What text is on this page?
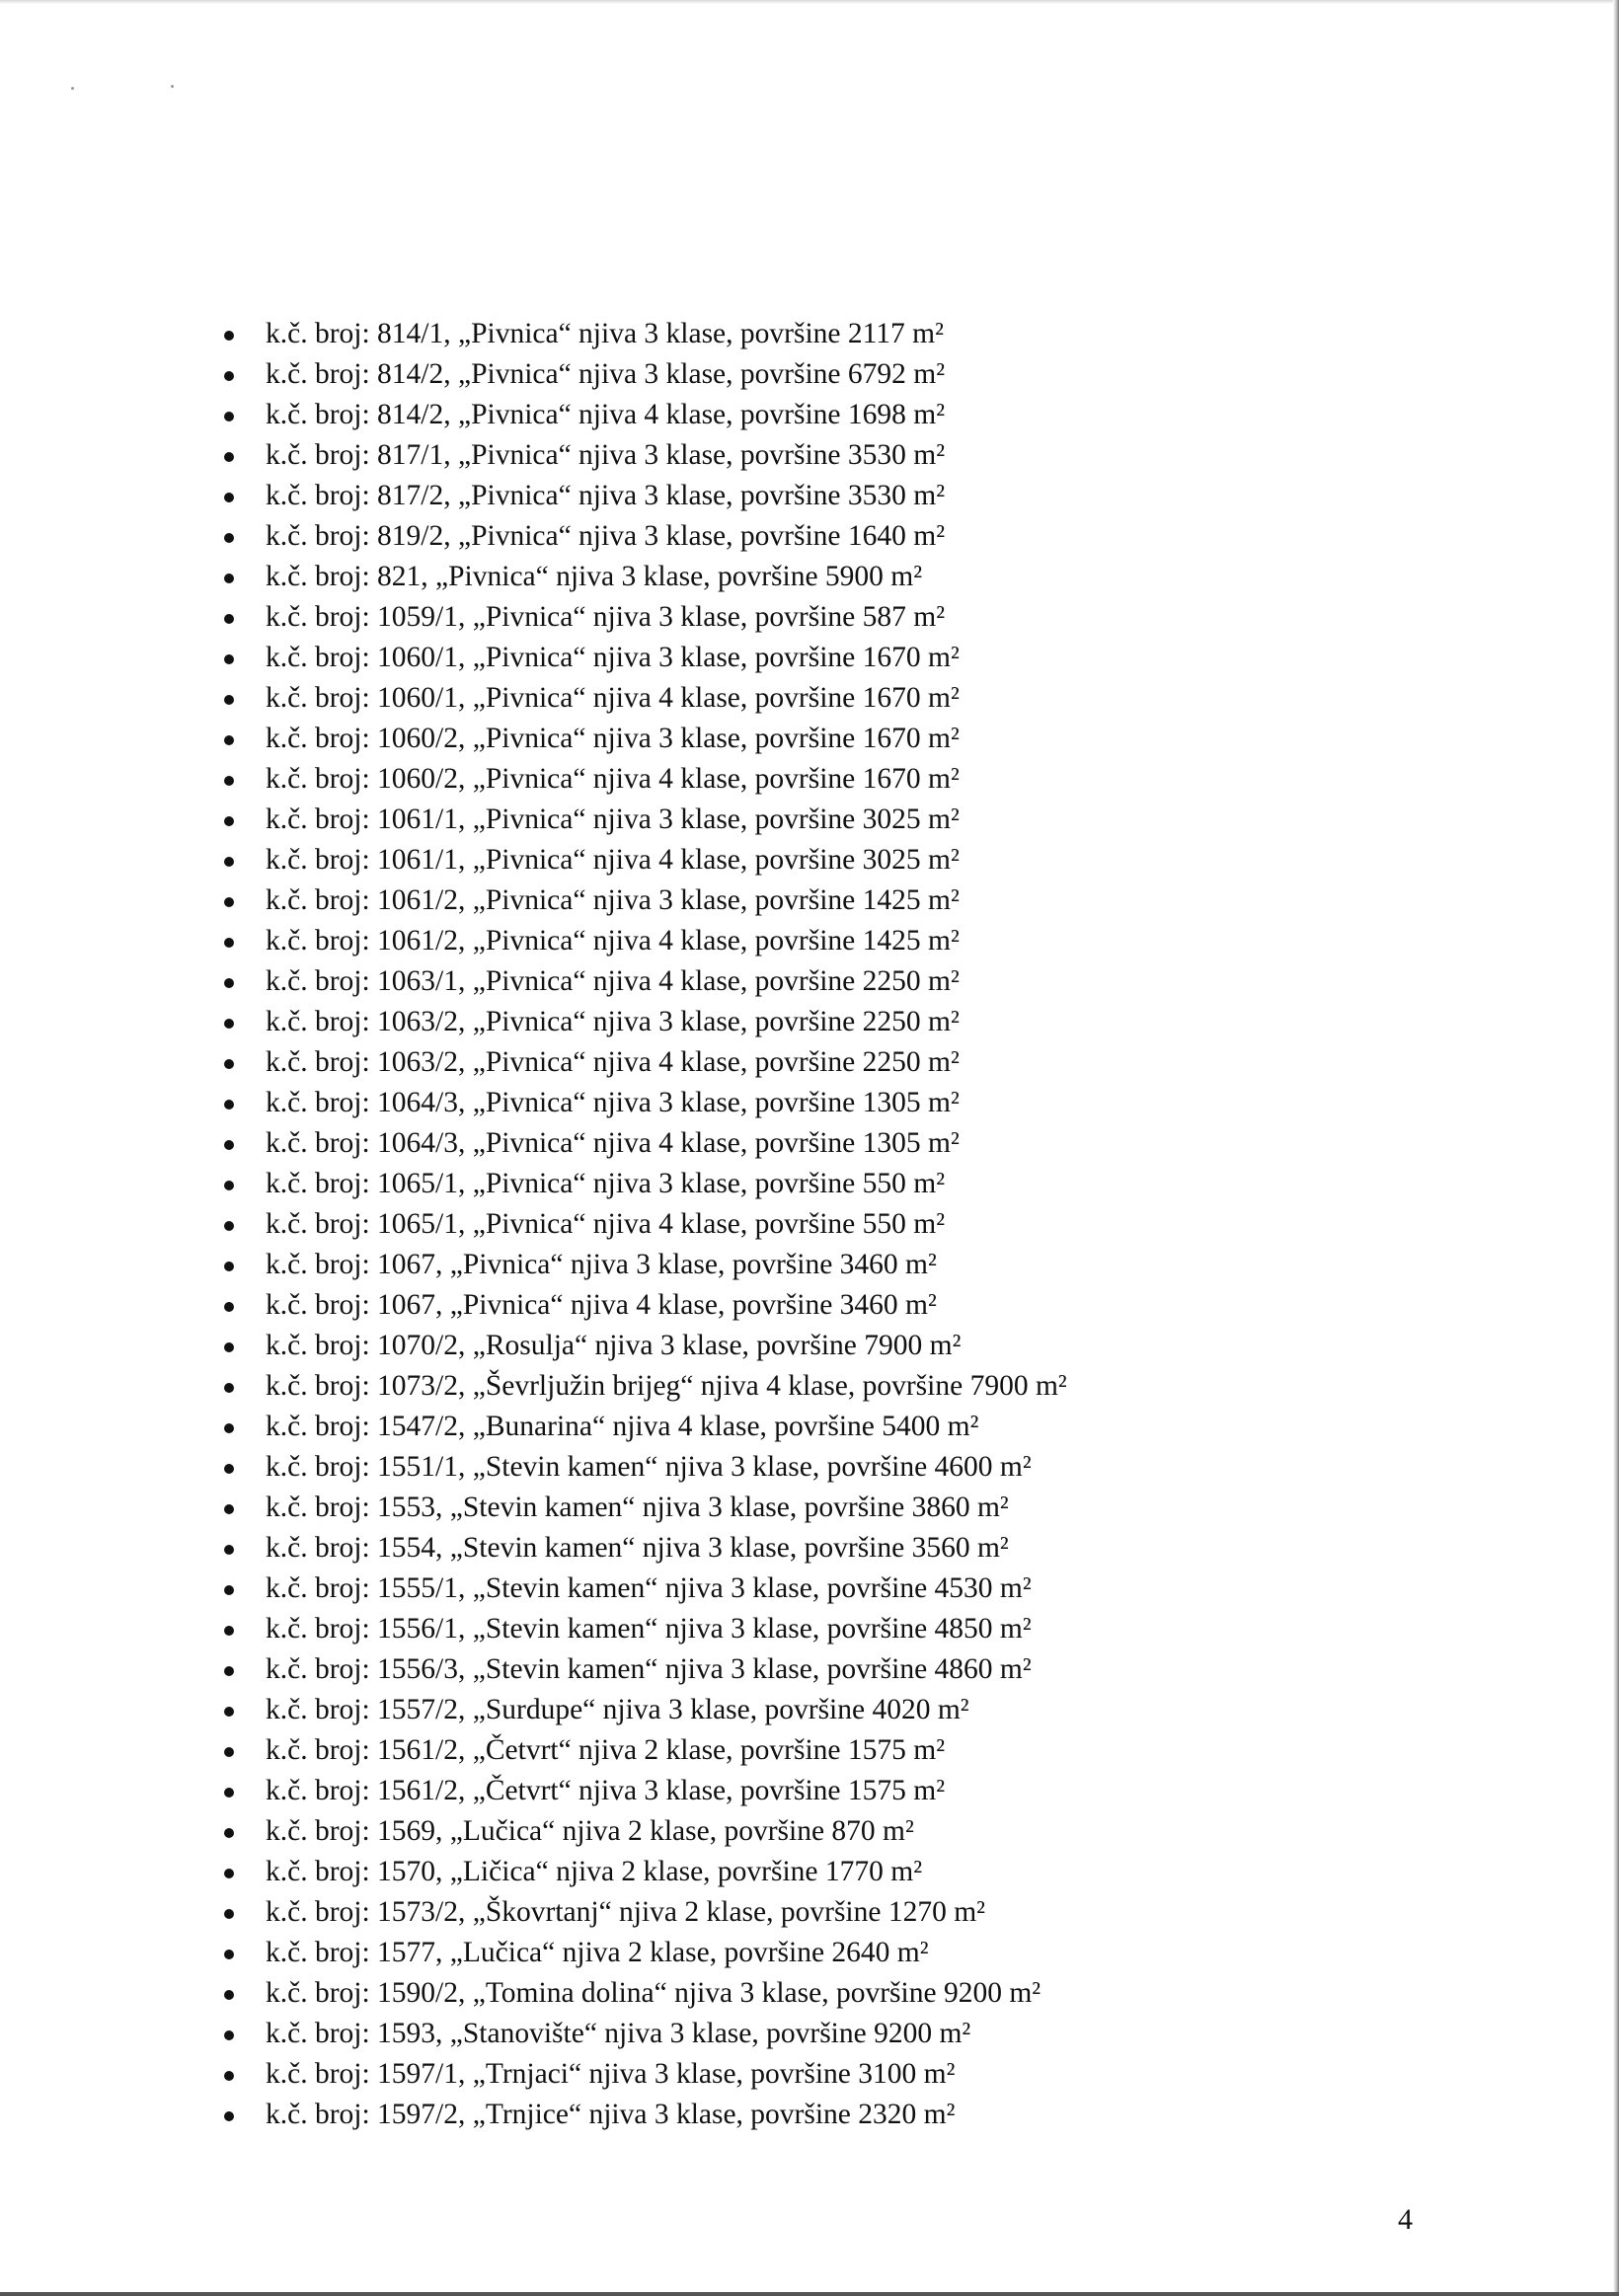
k.č. broj: 814/1, „Pivnica“ njiva 3 klase, površine 2117 m²
k.č. broj: 814/2, „Pivnica“ njiva 3 klase, površine 6792 m²
k.č. broj: 814/2, „Pivnica“ njiva 4 klase, površine 1698 m²
k.č. broj: 817/1, „Pivnica“ njiva 3 klase, površine 3530 m²
k.č. broj: 817/2, „Pivnica“ njiva 3 klase, površine 3530 m²
k.č. broj: 819/2, „Pivnica“ njiva 3 klase, površine 1640 m²
k.č. broj: 821, „Pivnica“ njiva 3 klase, površine 5900 m²
k.č. broj: 1059/1, „Pivnica“ njiva 3 klase, površine 587 m²
k.č. broj: 1060/1, „Pivnica“ njiva 3 klase, površine 1670 m²
k.č. broj: 1060/1, „Pivnica“ njiva 4 klase, površine 1670 m²
k.č. broj: 1060/2, „Pivnica“ njiva 3 klase, površine 1670 m²
k.č. broj: 1060/2, „Pivnica“ njiva 4 klase, površine 1670 m²
k.č. broj: 1061/1, „Pivnica“ njiva 3 klase, površine 3025 m²
k.č. broj: 1061/1, „Pivnica“ njiva 4 klase, površine 3025 m²
k.č. broj: 1061/2, „Pivnica“ njiva 3 klase, površine 1425 m²
k.č. broj: 1061/2, „Pivnica“ njiva 4 klase, površine 1425 m²
k.č. broj: 1063/1, „Pivnica“ njiva 4 klase, površine 2250 m²
k.č. broj: 1063/2, „Pivnica“ njiva 3 klase, površine 2250 m²
k.č. broj: 1063/2, „Pivnica“ njiva 4 klase, površine 2250 m²
k.č. broj: 1064/3, „Pivnica“ njiva 3 klase, površine 1305 m²
k.č. broj: 1064/3, „Pivnica“ njiva 4 klase, površine 1305 m²
k.č. broj: 1065/1, „Pivnica“ njiva 3 klase, površine 550 m²
k.č. broj: 1065/1, „Pivnica“ njiva 4 klase, površine 550 m²
k.č. broj: 1067, „Pivnica“ njiva 3 klase, površine 3460 m²
k.č. broj: 1067, „Pivnica“ njiva 4 klase, površine 3460 m²
k.č. broj: 1070/2, „Rosulja“ njiva 3 klase, površine 7900 m²
k.č. broj: 1073/2, „Ševrljužin brijeg“ njiva 4 klase, površine 7900 m²
k.č. broj: 1547/2, „Bunarina“ njiva 4 klase, površine 5400 m²
k.č. broj: 1551/1, „Stevin kamen“ njiva 3 klase, površine 4600 m²
k.č. broj: 1553, „Stevin kamen“ njiva 3 klase, površine 3860 m²
k.č. broj: 1554, „Stevin kamen“ njiva 3 klase, površine 3560 m²
k.č. broj: 1555/1, „Stevin kamen“ njiva 3 klase, površine 4530 m²
k.č. broj: 1556/1, „Stevin kamen“ njiva 3 klase, površine 4850 m²
k.č. broj: 1556/3, „Stevin kamen“ njiva 3 klase, površine 4860 m²
k.č. broj: 1557/2, „Surdupe“ njiva 3 klase, površine 4020 m²
k.č. broj: 1561/2, „Četvrt“ njiva 2 klase, površine 1575 m²
k.č. broj: 1561/2, „Četvrt“ njiva 3 klase, površine 1575 m²
k.č. broj: 1569, „Lučica“ njiva 2 klase, površine 870 m²
k.č. broj: 1570, „Ličica“ njiva 2 klase, površine 1770 m²
k.č. broj: 1573/2, „Škovrtanj“ njiva 2 klase, površine 1270 m²
k.č. broj: 1577, „Lučica“ njiva 2 klase, površine 2640 m²
k.č. broj: 1590/2, „Tomina dolina“ njiva 3 klase, površine 9200 m²
k.č. broj: 1593, „Stanovište“ njiva 3 klase, površine 9200 m²
k.č. broj: 1597/1, „Trnjaci“ njiva 3 klase, površine 3100 m²
k.č. broj: 1597/2, „Trnjice“ njiva 3 klase, površine 2320 m²
4
